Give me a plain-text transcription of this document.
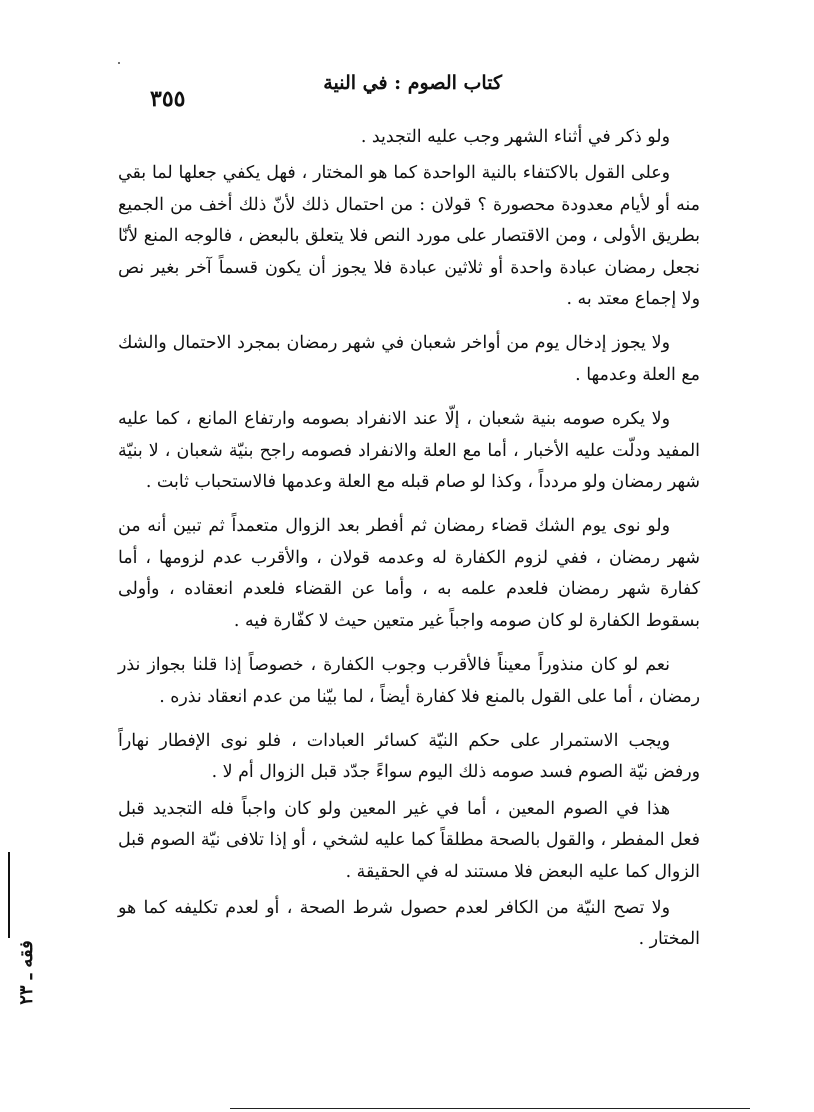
كتاب الصوم : في النية
٣٥٥

ولو ذكر في أثناء الشهر وجب عليه التجديد .

وعلى القول بالاكتفاء بالنية الواحدة كما هو المختار ، فهل يكفي جعلها لما بقي منه أو لأيام معدودة محصورة ؟ قولان : من احتمال ذلك لأنّ ذلك أخف من الجميع بطريق الأولى ، ومن الاقتصار على مورد النص فلا يتعلق بالبعض ، فالوجه المنع لأنّا نجعل رمضان عبادة واحدة أو ثلاثين عبادة فلا يجوز أن يكون قسماً آخر بغير نص ولا إجماع معتد به .

ولا يجوز إدخال يوم من أواخر شعبان في شهر رمضان بمجرد الاحتمال والشك مع العلة وعدمها .

ولا يكره صومه بنية شعبان ، إلّا عند الانفراد بصومه وارتفاع المانع ، كما عليه المفيد ودلّت عليه الأخبار ، أما مع العلة والانفراد فصومه راجح بنيّة شعبان ، لا بنيّة شهر رمضان ولو مردداً ، وكذا لو صام قبله مع العلة وعدمها فالاستحباب ثابت .

ولو نوى يوم الشك قضاء رمضان ثم أفطر بعد الزوال متعمداً ثم تبين أنه من شهر رمضان ، ففي لزوم الكفارة له وعدمه قولان ، والأقرب عدم لزومها ، أما كفارة شهر رمضان فلعدم علمه به ، وأما عن القضاء فلعدم انعقاده ، وأولى بسقوط الكفارة لو كان صومه واجباً غير متعين حيث لا كفّارة فيه .

نعم لو كان منذوراً معيناً فالأقرب وجوب الكفارة ، خصوصاً إذا قلنا بجواز نذر رمضان ، أما على القول بالمنع فلا كفارة أيضاً ، لما بيّنا من عدم انعقاد نذره .

ويجب الاستمرار على حكم النيّة كسائر العبادات ، فلو نوى الإفطار نهاراً ورفض نيّة الصوم فسد صومه ذلك اليوم سواءً جدّد قبل الزوال أم لا .

هذا في الصوم المعين ، أما في غير المعين ولو كان واجباً فله التجديد قبل فعل المفطر ، والقول بالصحة مطلقاً كما عليه لشخي ، أو إذا تلافى نيّة الصوم قبل الزوال كما عليه البعض فلا مستند له في الحقيقة .

ولا تصح النيّة من الكافر لعدم حصول شرط الصحة ، أو لعدم تكليفه كما هو المختار .

فقه ـ ٢٣
